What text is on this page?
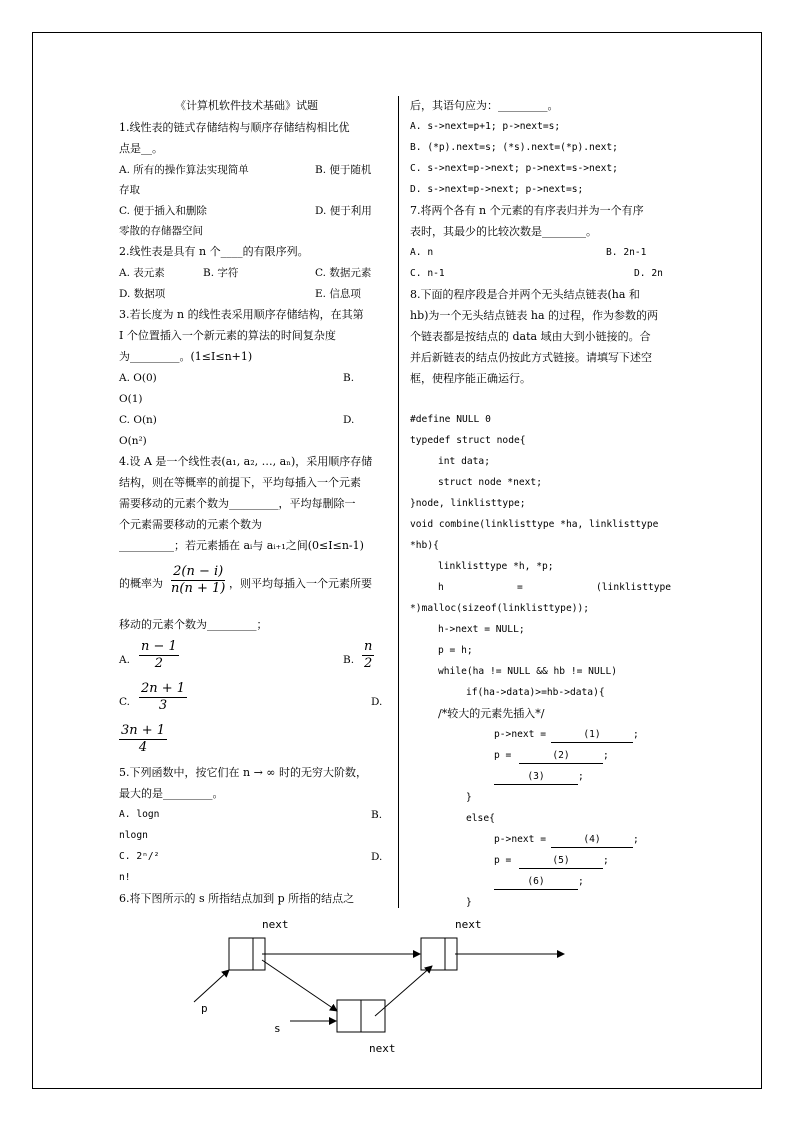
《计算机软件技术基础》试题
1.线性表的链式存储结构与顺序存储结构相比优
点是__。
A. 所有的操作算法实现简单	B. 便于随机
存取
C. 便于插入和删除	D. 便于利用
零散的存储器空间
2.线性表是具有 n 个____的有限序列。
A. 表元素	B. 字符	C. 数据元素
D. 数据项	E. 信息项
3.若长度为 n 的线性表采用顺序存储结构，在其第
I 个位置插入一个新元素的算法的时间复杂度
为_________。(1≤I≤n+1)
A. O(0)	B.
O(1)
C. O(n)	D.
O(n²)
4.设 A 是一个线性表(a₁, a₂, …, aₙ)，采用顺序存储
结构，则在等概率的前提下，平均每插入一个元素
需要移动的元素个数为_________，平均每删除一
个元素需要移动的元素个数为
__________；若元素插在 aᵢ与 aᵢ₊₁之间(0≤I≤n-1)
的概率为
2(n − i)
n(n + 1) ，则平均每插入一个元素所要
移动的元素个数为_________；
A.
n − 1
2	B.
n
2
C.
2n + 1
3	D.
3n + 1
4
5.下列函数中，按它们在 n → ∞ 时的无穷大阶数，
最大的是_________。
A. logn	B.
nlogn
C. 2ⁿ/²	D.
n!
6.将下图所示的 s 所指结点加到 p 所指的结点之
后，其语句应为：_________。
A. s->next=p+1; p->next=s;
B. (*p).next=s; (*s).next=(*p).next;
C. s->next=p->next; p->next=s->next;
D. s->next=p->next; p->next=s;
7.将两个各有 n 个元素的有序表归并为一个有序
表时，其最少的比较次数是________。
A. n	B. 2n-1
C. n-1	D. 2n
8.下面的程序段是合并两个无头结点链表(ha 和
hb)为一个无头结点链表 ha 的过程，作为参数的两
个链表都是按结点的 data 域由大到小链接的。合
并后新链表的结点仍按此方式链接。请填写下述空
框，使程序能正确运行。
#define NULL 0
typedef struct node{
int data;
struct node *next;
}node, linklisttype;
void combine(linklisttype *ha, linklisttype
*hb){
linklisttype *h, *p;
h	=	(linklisttype
*)malloc(sizeof(linklisttype));
h->next = NULL;
p = h;
while(ha != NULL && hb != NULL)
if(ha->data)>=hb->data){
/*较大的元素先插入*/
p->next =	(1)	;
p =	(2)	;
(3)	;
}
else{
p->next =	(4)	;
p =	(5)	;
(6)	;
}
next	next
next
p
s
